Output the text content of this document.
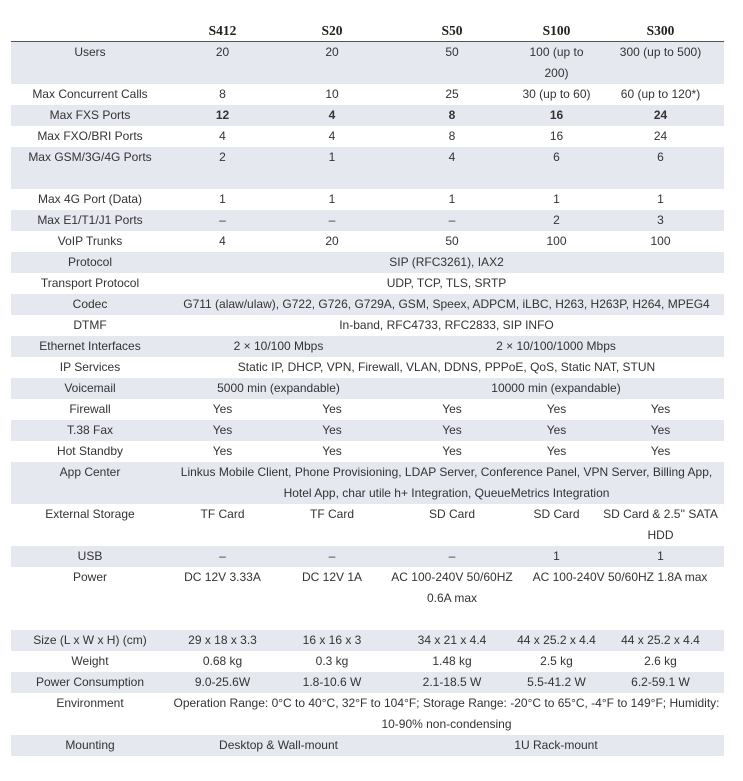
	S412	S20	S50	S100	S300
Users	20	20	50	100 (up to 200)	300 (up to 500)
Max Concurrent Calls	8	10	25	30 (up to 60)	60 (up to 120*)
Max FXS Ports	12	4	8	16	24
Max FXO/BRI Ports	4	4	8	16	24
Max GSM/3G/4G Ports	2	1	4	6	6
Max 4G Port (Data)	1	1	1	1	1
Max E1/T1/J1 Ports	–	–	–	2	3
VoIP Trunks	4	20	50	100	100
Protocol	SIP (RFC3261), IAX2				
Transport Protocol	UDP, TCP, TLS, SRTP				
Codec	G711 (alaw/ulaw), G722, G726, G729A, GSM, Speex, ADPCM, iLBC, H263, H263P, H264, MPEG4				
DTMF	In-band, RFC4733, RFC2833, SIP INFO				
Ethernet Interfaces	2 × 10/100 Mbps		2 × 10/100/1000 Mbps		
IP Services	Static IP, DHCP, VPN, Firewall, VLAN, DDNS, PPPoE, QoS, Static NAT, STUN				
Voicemail	5000 min (expandable)		10000 min (expandable)		
Firewall	Yes	Yes	Yes	Yes	Yes
T.38 Fax	Yes	Yes	Yes	Yes	Yes
Hot Standby	Yes	Yes	Yes	Yes	Yes
App Center	Linkus Mobile Client, Phone Provisioning, LDAP Server, Conference Panel, VPN Server, Billing App, Hotel App, char utile h+ Integration, QueueMetrics Integration				
External Storage	TF Card	TF Card	SD Card	SD Card	SD Card & 2.5'' SATA HDD
USB	–	–	–	1	1
Power	DC 12V 3.33A	DC 12V 1A	AC 100-240V 50/60HZ 0.6A max	AC 100-240V 50/60HZ 1.8A max	
Size (L x W x H) (cm)	29 x 18 x 3.3	16 x 16 x 3	34 x 21 x 4.4	44 x 25.2 x 4.4	44 x 25.2 x 4.4
Weight	0.68 kg	0.3 kg	1.48 kg	2.5 kg	2.6 kg
Power Consumption	9.0-25.6W	1.8-10.6 W	2.1-18.5 W	5.5-41.2 W	6.2-59.1 W
Environment	Operation Range: 0°C to 40°C, 32°F to 104°F; Storage Range: -20°C to 65°C, -4°F to 149°F; Humidity: 10-90% non-condensing				
Mounting	Desktop & Wall-mount		1U Rack-mount		
